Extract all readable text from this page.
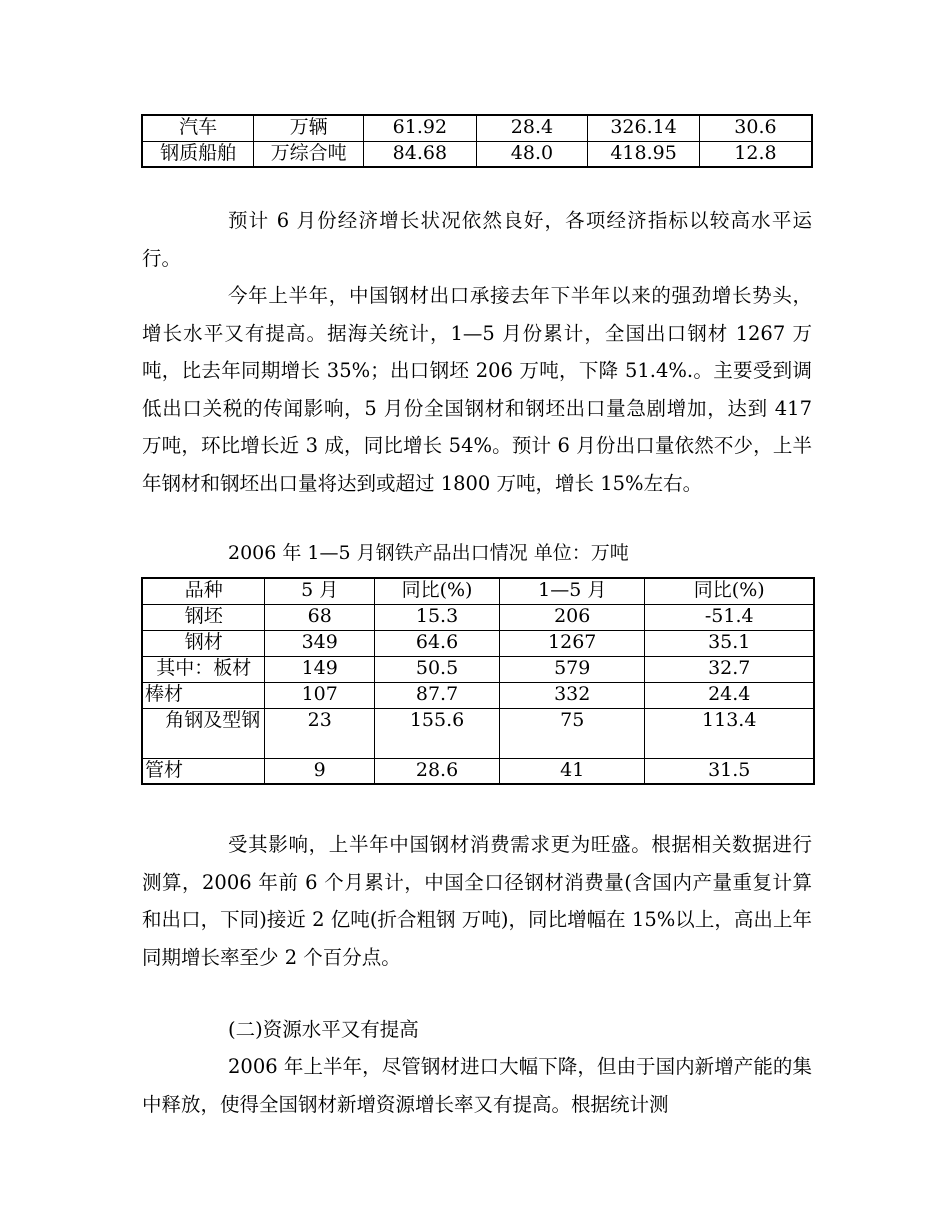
汽车	万辆	61.92	28.4	326.14	30.6
钢质船舶	万综合吨	84.68	48.0	418.95	12.8

预计 6 月份经济增长状况依然良好，各项经济指标以较高水平运行。

今年上半年，中国钢材出口承接去年下半年以来的强劲增长势头，增长水平又有提高。据海关统计，1—5 月份累计，全国出口钢材 1267 万吨，比去年同期增长 35%；出口钢坯 206 万吨，下降 51.4%.。主要受到调低出口关税的传闻影响，5 月份全国钢材和钢坯出口量急剧增加，达到 417 万吨，环比增长近 3 成，同比增长 54%。预计 6 月份出口量依然不少，上半年钢材和钢坯出口量将达到或超过 1800 万吨，增长 15%左右。

2006 年 1—5 月钢铁产品出口情况 单位：万吨
品种	5 月	同比(%)	1—5 月	同比(%)
钢坯	68	15.3	206	-51.4
钢材	349	64.6	1267	35.1
其中：板材	149	50.5	579	32.7
棒材	107	87.7	332	24.4
角钢及型钢	23	155.6	75	113.4
管材	9	28.6	41	31.5

受其影响，上半年中国钢材消费需求更为旺盛。根据相关数据进行测算，2006 年前 6 个月累计，中国全口径钢材消费量(含国内产量重复计算和出口，下同)接近 2 亿吨(折合粗钢 万吨)，同比增幅在 15%以上，高出上年同期增长率至少 2 个百分点。

(二)资源水平又有提高

2006 年上半年，尽管钢材进口大幅下降，但由于国内新增产能的集中释放，使得全国钢材新增资源增长率又有提高。根据统计测
